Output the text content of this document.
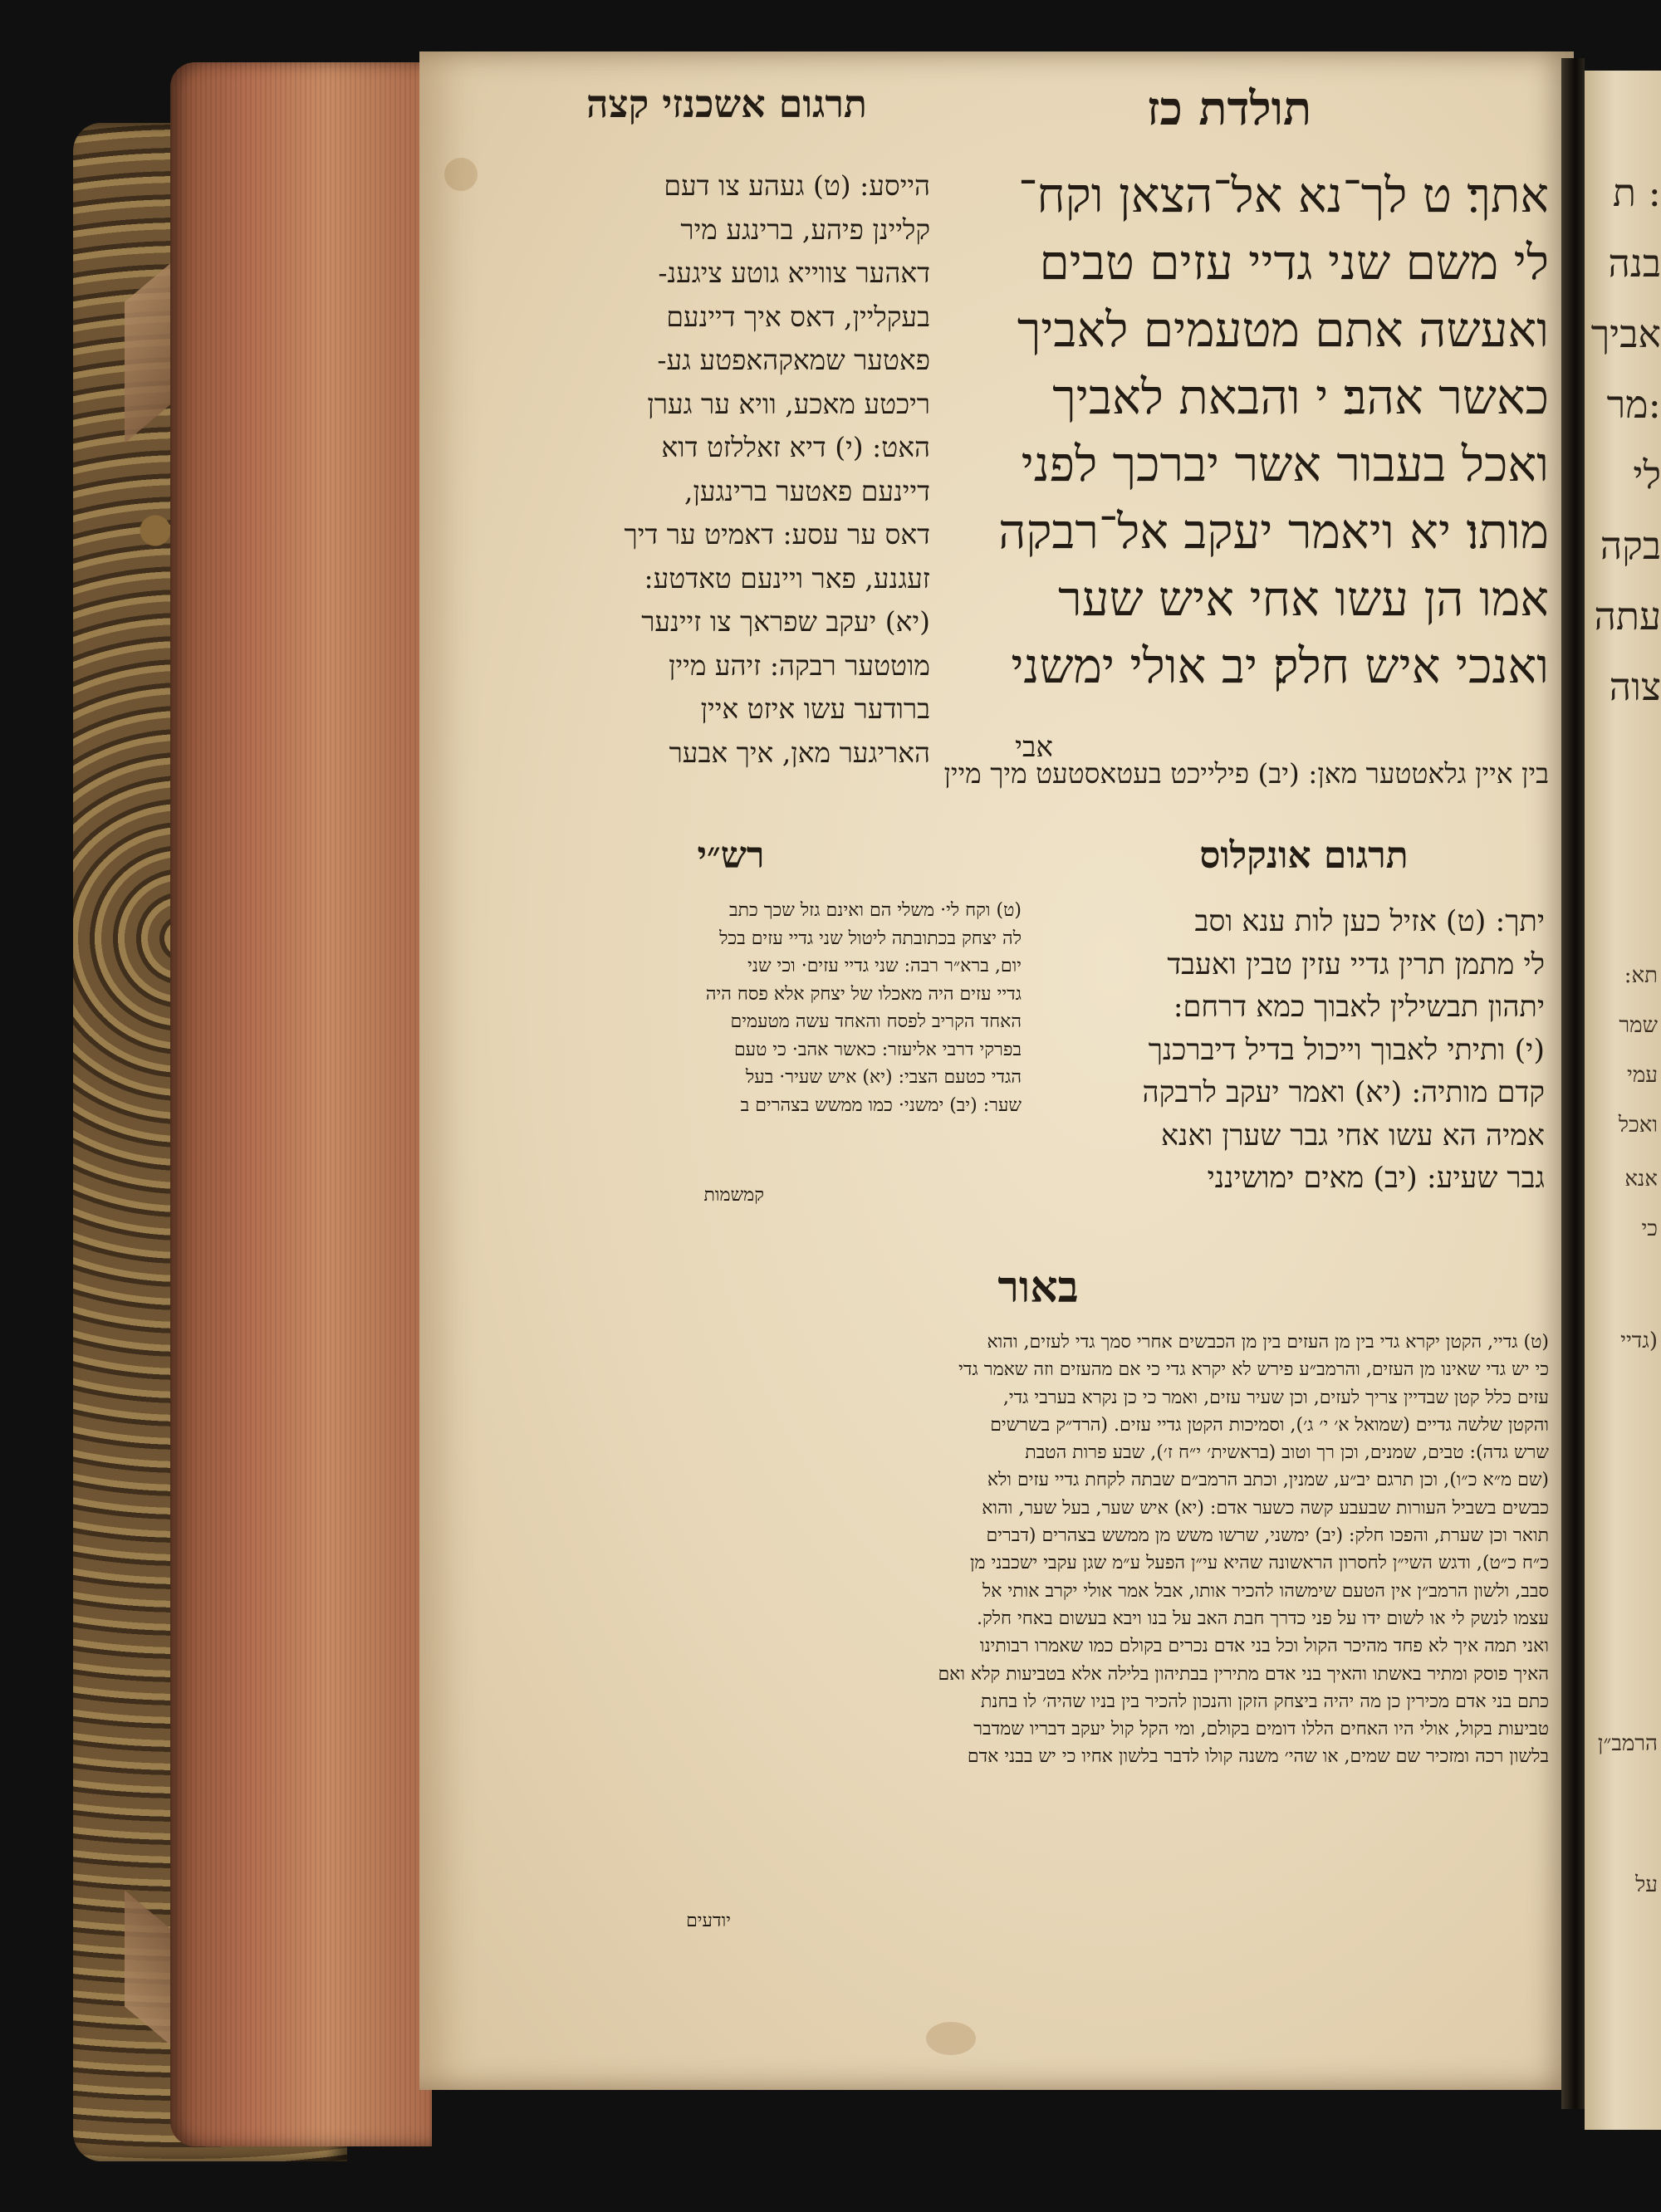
: ת
בנה
אביך
:מר
לי
בקה
עתה
צוה
תא:
שמר
עמי
ואכל
אנא
כי
(גדיי
הרמב״ן
על
תולדת כז
תרגום אשכנזי קצה
אתך׃ ט לך־נא אל־הצאן וקח־
לי משם שני גדיי עזים טבים
ואעשה אתם מטעמים לאביך
כאשר אהב׃ י והבאת לאביך
ואכל בעבור אשר יברכך לפני
מותו׃ יא ויאמר יעקב אל־רבקה
אמו הן עשו אחי איש שער
ואנכי איש חלק׃ יב אולי ימשני
אבי
הייסע: (ט) געהע צו דעם
קליינן פיהע, ברינגע מיר
דאהער צווייא גוטע ציגענ-
בעקליין, דאס איך דיינעם
פאטער שמאקהאפטע גע-
ריכטע מאכע, וויא ער גערן
האט: (י) דיא זאללזט דוא
דיינעם פאטער ברינגען,
דאס ער עסע: דאמיט ער דיך
זעגנע, פאר ויינעם טאדטע:
(יא) יעקב שפראך צו זיינער
מוטטער רבקה: זיהע מיין
ברודער עשו איזט איין
האריגער מאן, איך אבער
בין איין גלאטטער מאן: (יב) פילייכט בעטאסטעט מיך מיין
תרגום אונקלוס
רש״י
באור
יתך: (ט) אזיל כען לות ענא וסב
לי מתמן תרין גדיי עזין טבין ואעבד
יתהון תבשילין לאבוך כמא דרחם:
(י) ותיתי לאבוך וייכול בדיל דיברכנך
קדם מותיה: (יא) ואמר יעקב לרבקה
אמיה הא עשו אחי גבר שערן ואנא
גבר שעיע: (יב) מאים ימושינני
(ט) וקח לי· משלי הם ואינם גזל שכך כתב
לה יצחק בכתובתה ליטול שני גדיי עזים בכל
יום, ברא״ר רבה: שני גדיי עזים· וכי שני
גדיי עזים היה מאכלו של יצחק אלא פסח היה
האחד הקריב לפסח והאחד עשה מטעמים
בפרקי דרבי אליעזר: כאשר אהב· כי טעם
הגדי כטעם הצבי: (יא) איש שעיר· בעל
שער: (יב) ימשני· כמו ממשש בצהרים ב
קמשמות
(ט) גדיי, הקטן יקרא גדי בין מן העזים בין מן הכבשים אחרי סמך גדי לעזים, והוא
כי יש גדי שאינו מן העזים, והרמב״ע פירש לא יקרא גדי כי אם מהעזים וזה שאמר גדי
עזים כלל קטן שבדיין צריך לעזים, וכן שעיר עזים, ואמר כי כן נקרא בערבי גדי,
והקטן שלשה גדיים (שמואל א׳ י׳ ג׳), וסמיכות הקטן גדיי עזים. (הרד״ק בשרשים
שרש גדה): טבים, שמנים, וכן רך וטוב (בראשית׳ י״ח ז׳), שבע פרות הטבת
(שם מ״א כ״ו), וכן תרגם יב״ע, שמנין, וכתב הרמב״ם שבתה לקחת גדיי עזים ולא
כבשים בשביל העורות שבעבע קשה כשער אדם: (יא) איש שער, בעל שער, והוא
תואר וכן שערת, והפכו חלק: (יב) ימשני, שרשו משש מן ממשש בצהרים (דברים
כ״ח כ״ט), ודגש השי״ן לחסרון הראשונה שהיא עי״ן הפעל ע״מ שגן עקבי ישכבני מן
סבב, ולשון הרמב״ן אין הטעם שימשהו להכיר אותו, אבל אמר אולי יקרב אותי אל
עצמו לנשק לי או לשום ידו על פני כדרך חבת האב על בנו ויבא בעשום באחי חלק.
ואני תמה איך לא פחד מהיכר הקול וכל בני אדם נכרים בקולם כמו שאמרו רבותינו
האיך פוסק ומתיר באשתו והאיך בני אדם מתירין בבתיהון בלילה אלא בטביעות קלא ואם
כתם בני אדם מכירין כן מה יהיה ביצחק הזקן והנכון להכיר בין בניו שהיה׳ לו בחנת
טביעות בקול, אולי היו האחים הללו דומים בקולם, ומי הקל קול יעקב דבריו שמדבר
בלשון רכה ומזכיר שם שמים, או שהי׳ משנה קולו לדבר בלשון אחיו כי יש בבני אדם
יודעים
